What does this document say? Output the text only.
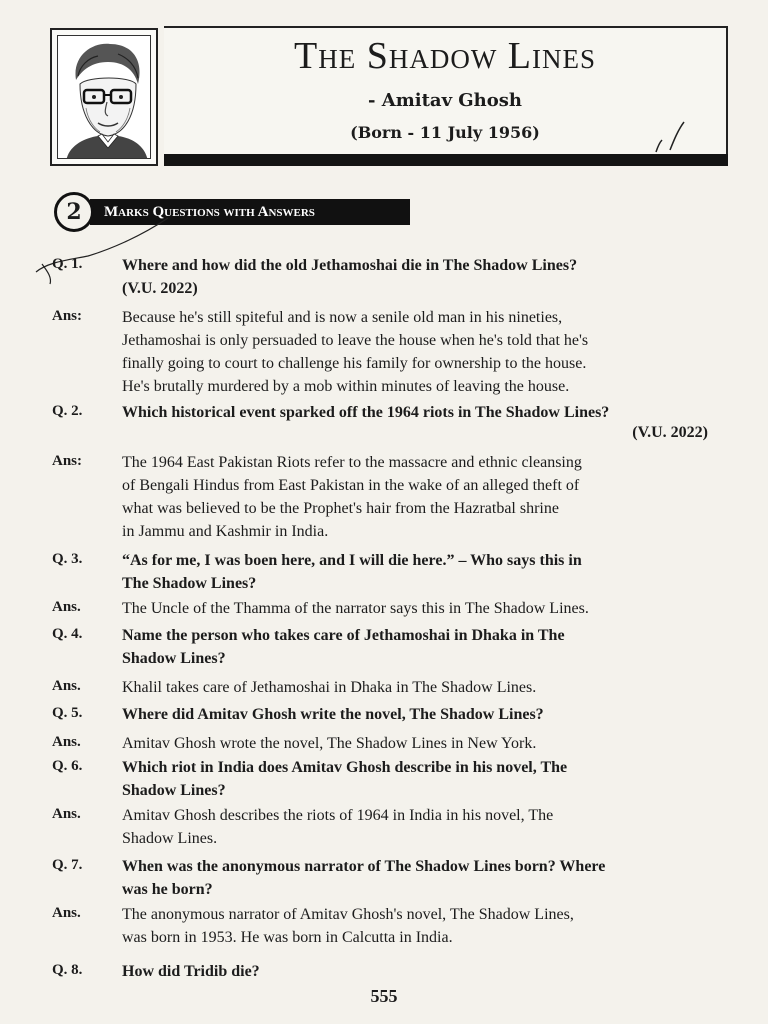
The Shadow Lines
- Amitav Ghosh
(Born - 11 July 1956)
2	Marks Questions with Answers
Q. 1.	Where and how did the old Jethamoshai die in The Shadow Lines?
(V.U. 2022)
Ans:	Because he's still spiteful and is now a senile old man in his nineties,
Jethamoshai is only persuaded to leave the house when he's told that he's
finally going to court to challenge his family for ownership to the house.
He's brutally murdered by a mob within minutes of leaving the house.
Q. 2.	Which historical event sparked off the 1964 riots in The Shadow Lines?
(V.U. 2022)
Ans:	The 1964 East Pakistan Riots refer to the massacre and ethnic cleansing
of Bengali Hindus from East Pakistan in the wake of an alleged theft of
what was believed to be the Prophet's hair from the Hazratbal shrine
in Jammu and Kashmir in India.
Q. 3.	“As for me, I was boen here, and I will die here.” – Who says this in
The Shadow Lines?
Ans.	The Uncle of the Thamma of the narrator says this in The Shadow Lines.
Q. 4.	Name the person who takes care of Jethamoshai in Dhaka in The
Shadow Lines?
Ans.	Khalil takes care of Jethamoshai in Dhaka in The Shadow Lines.
Q. 5.	Where did Amitav Ghosh write the novel, The Shadow Lines?
Ans.	Amitav Ghosh wrote the novel, The Shadow Lines in New York.
Q. 6.	Which riot in India does Amitav Ghosh describe in his novel, The
Shadow Lines?
Ans.	Amitav Ghosh describes the riots of 1964 in India in his novel, The
Shadow Lines.
Q. 7.	When was the anonymous narrator of The Shadow Lines born? Where
was he born?
Ans.	The anonymous narrator of Amitav Ghosh's novel, The Shadow Lines,
was born in 1953. He was born in Calcutta in India.
Q. 8.	How did Tridib die?
555
